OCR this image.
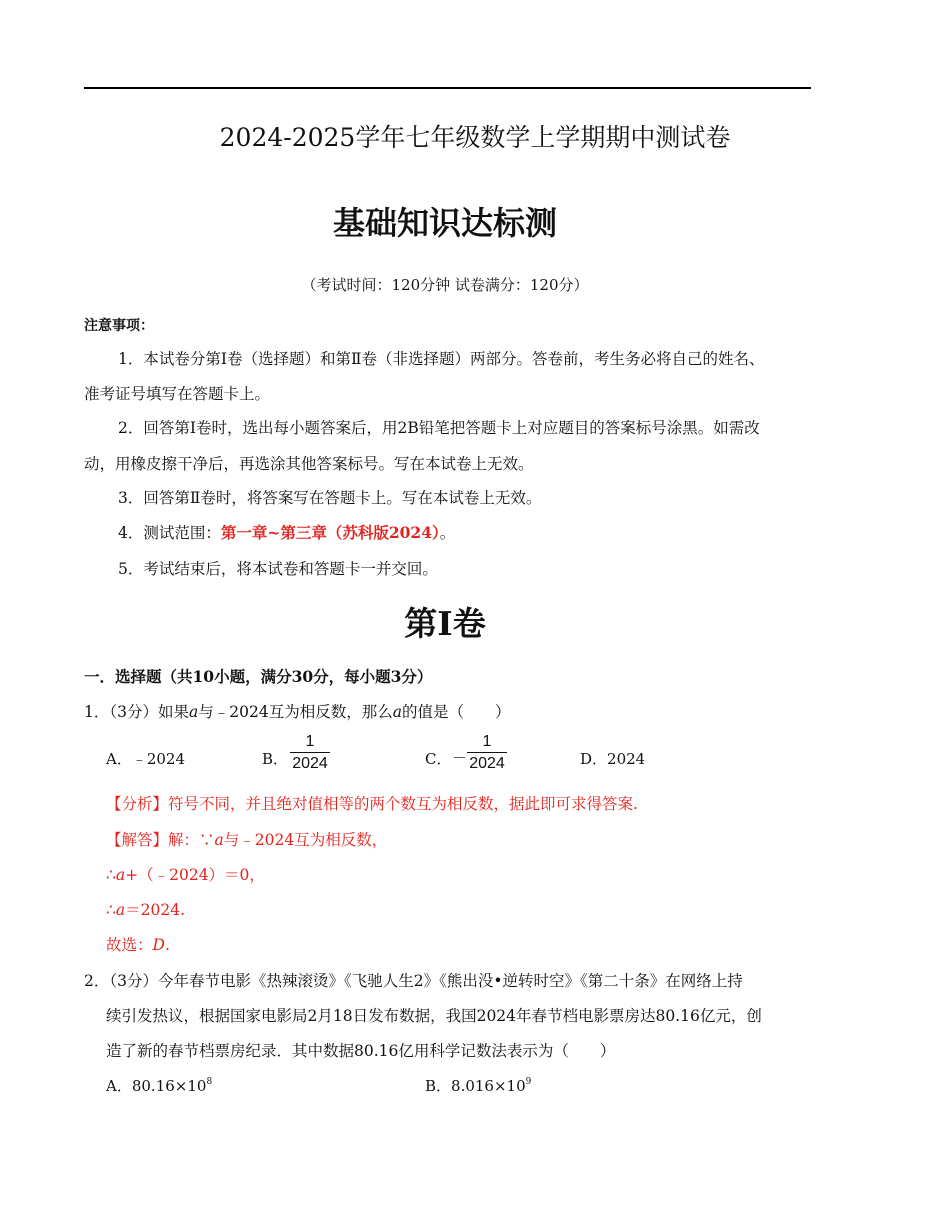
2024-2025学年七年级数学上学期期中测试卷
基础知识达标测
（考试时间：120分钟 试卷满分：120分）
注意事项：
1．本试卷分第Ⅰ卷（选择题）和第Ⅱ卷（非选择题）两部分。答卷前，考生务必将自己的姓名、
准考证号填写在答题卡上。
2．回答第Ⅰ卷时，选出每小题答案后，用2B铅笔把答题卡上对应题目的答案标号涂黑。如需改
动，用橡皮擦干净后，再选涂其他答案标号。写在本试卷上无效。
3．回答第Ⅱ卷时，将答案写在答题卡上。写在本试卷上无效。
4．测试范围：第一章~第三章（苏科版2024）。
5．考试结束后，将本试卷和答题卡一并交回。
第Ⅰ卷
一．选择题（共10小题，满分30分，每小题3分）
1．（3分）如果a与﹣2024互为相反数，那么a的值是（　　）
A．﹣2024	B．
1
2024	C． －
1
2024	D．2024
【分析】符号不同，并且绝对值相等的两个数互为相反数，据此即可求得答案.
【解答】解：∵a与﹣2024互为相反数，
∴a+（﹣2024）＝0，
∴a＝2024.
故选：D.
2．（3分）今年春节电影《热辣滚烫》《飞驰人生2》《熊出没•逆转时空》《第二十条》在网络上持
续引发热议，根据国家电影局2月18日发布数据，我国2024年春节档电影票房达80.16亿元，创
造了新的春节档票房纪录．其中数据80.16亿用科学记数法表示为（　　）
A．$80.16\times 10^8$	B．$8.016\times 10^9$
